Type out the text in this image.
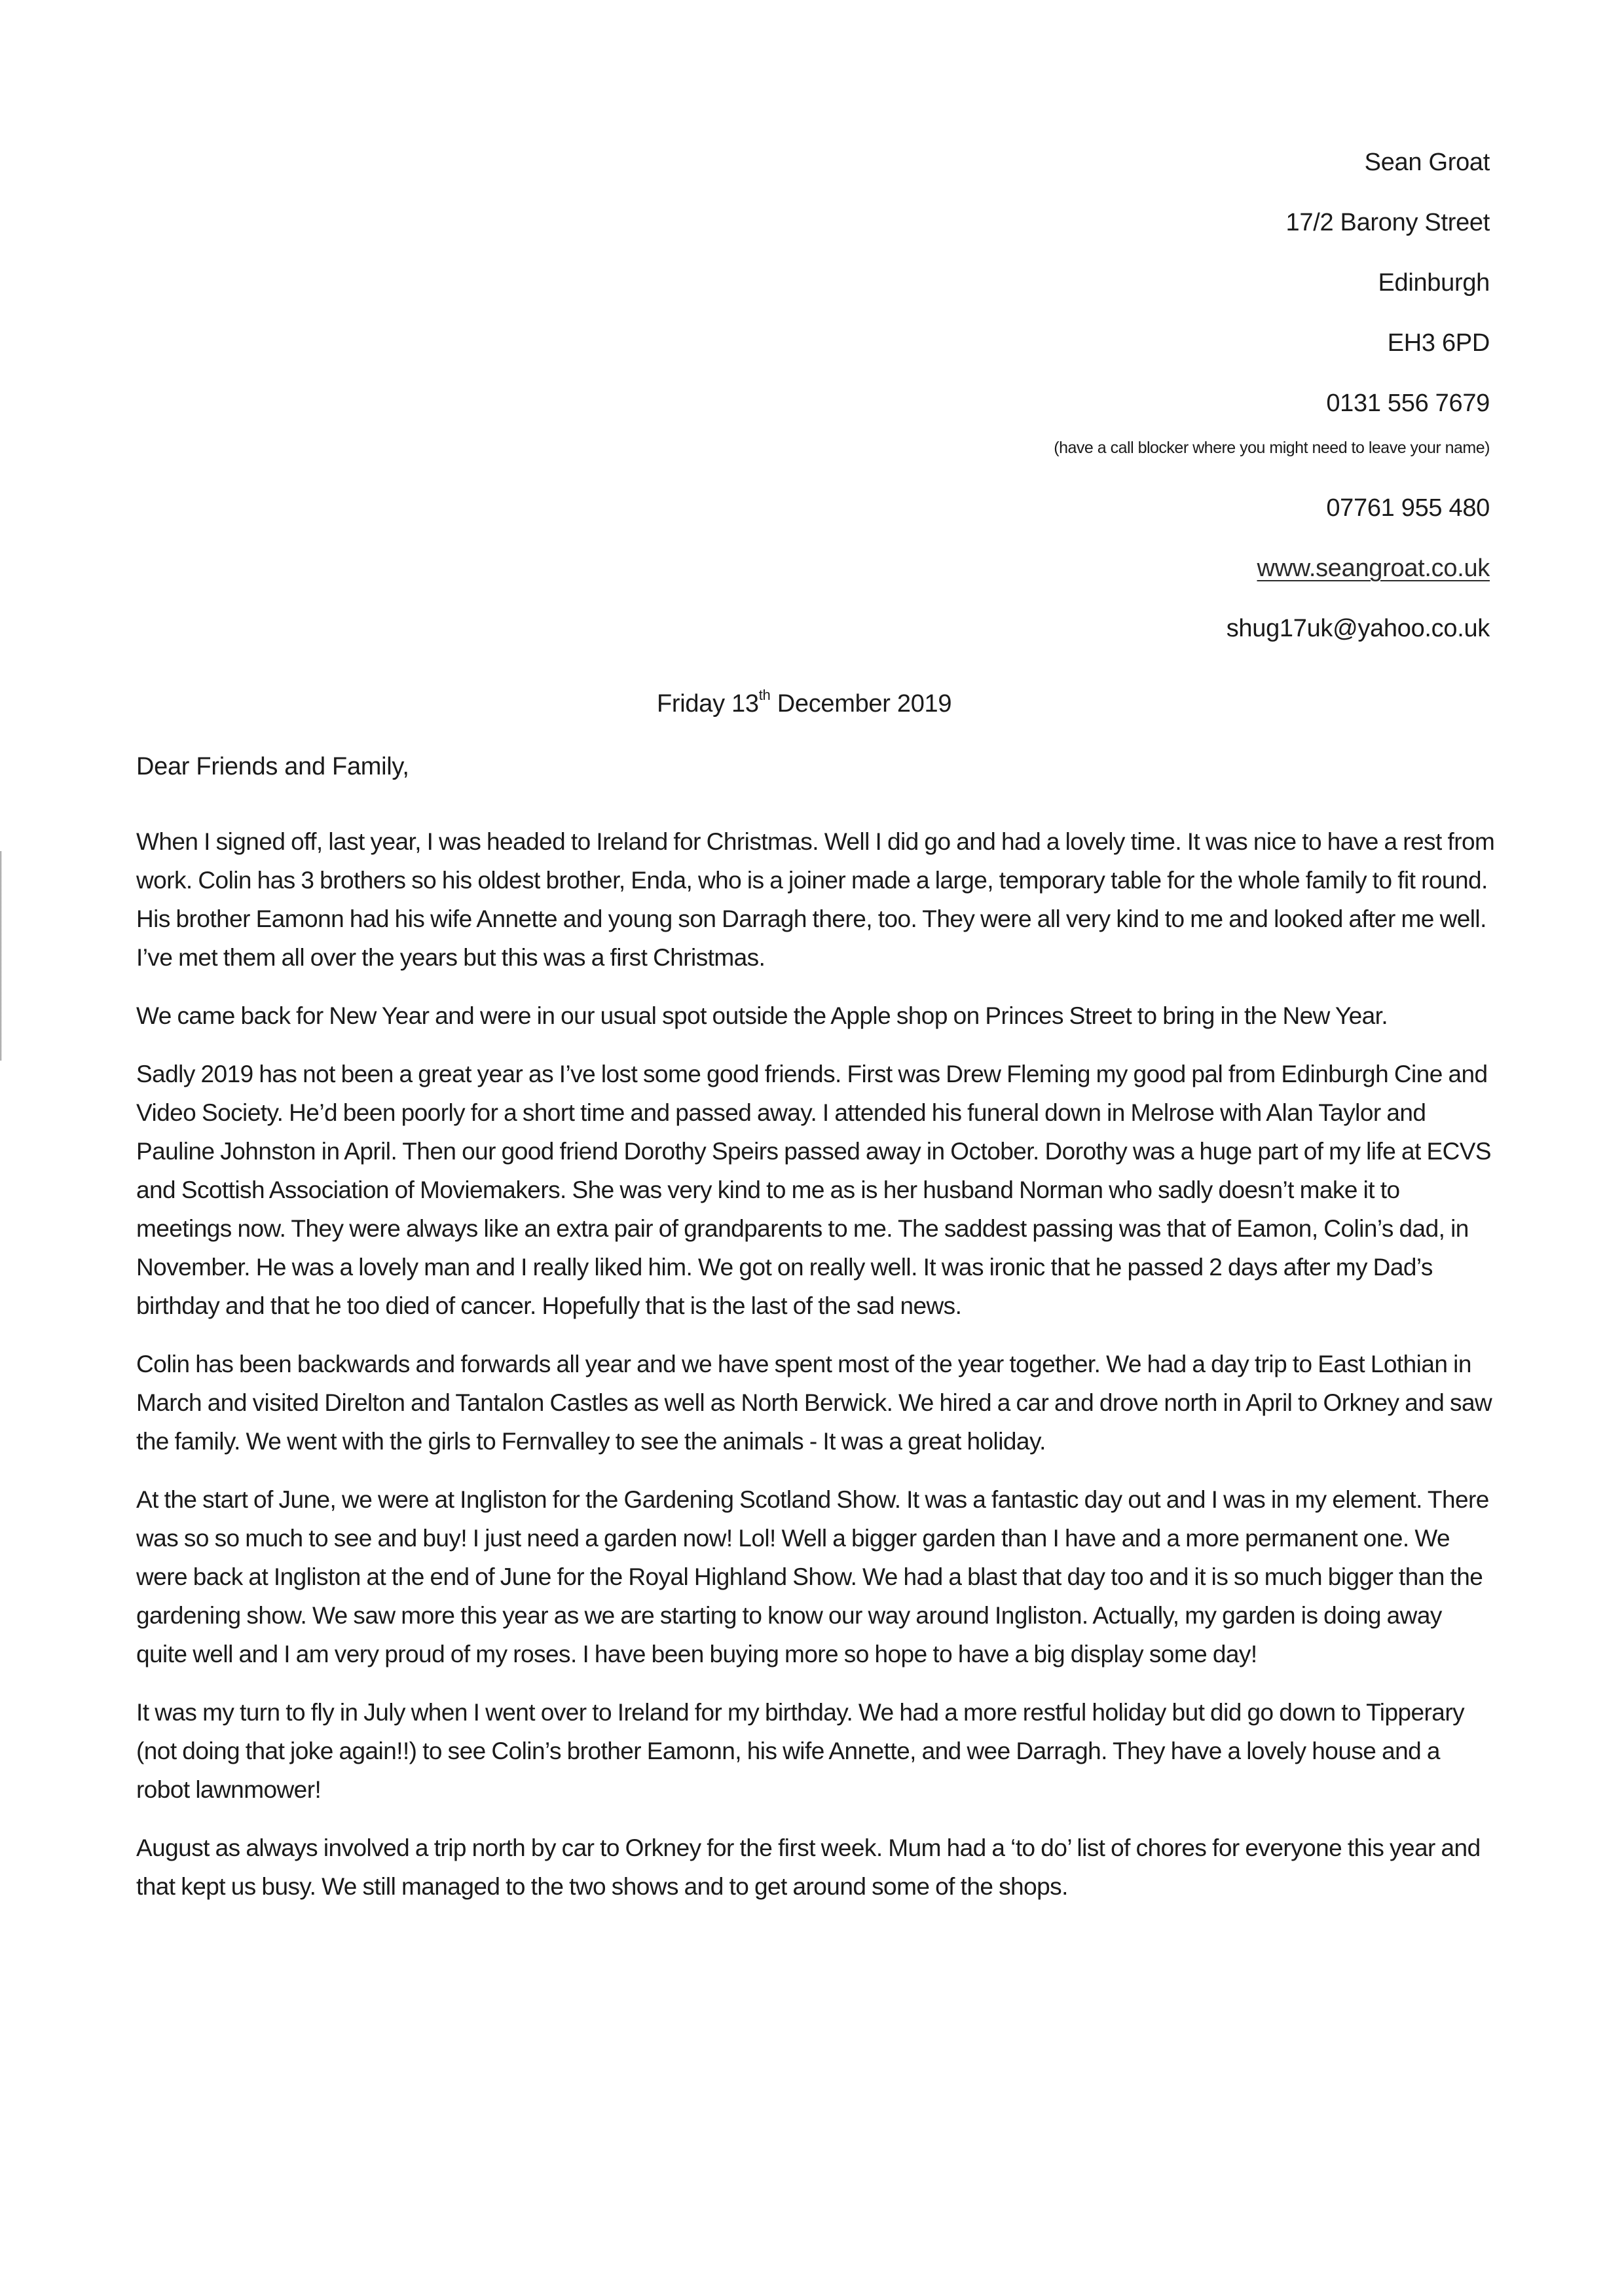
Sean Groat
17/2 Barony Street
Edinburgh
EH3 6PD
0131 556 7679
(have a call blocker where you might need to leave your name)
07761 955 480
www.seangroat.co.uk
shug17uk@yahoo.co.uk
Friday 13th December 2019
Dear Friends and Family,

When I signed off, last year, I was headed to Ireland for Christmas. Well I did go and had a lovely time. It was nice to have a rest from work. Colin has 3 brothers so his oldest brother, Enda, who is a joiner made a large, temporary table for the whole family to fit round. His brother Eamonn had his wife Annette and young son Darragh there, too. They were all very kind to me and looked after me well. I’ve met them all over the years but this was a first Christmas.

We came back for New Year and were in our usual spot outside the Apple shop on Princes Street to bring in the New Year.

Sadly 2019 has not been a great year as I’ve lost some good friends. First was Drew Fleming my good pal from Edinburgh Cine and Video Society. He’d been poorly for a short time and passed away. I attended his funeral down in Melrose with Alan Taylor and Pauline Johnston in April. Then our good friend Dorothy Speirs passed away in October. Dorothy was a huge part of my life at ECVS and Scottish Association of Moviemakers. She was very kind to me as is her husband Norman who sadly doesn’t make it to meetings now. They were always like an extra pair of grandparents to me. The saddest passing was that of Eamon, Colin’s dad, in November. He was a lovely man and I really liked him. We got on really well. It was ironic that he passed 2 days after my Dad’s birthday and that he too died of cancer. Hopefully that is the last of the sad news.

Colin has been backwards and forwards all year and we have spent most of the year together. We had a day trip to East Lothian in March and visited Direlton and Tantalon Castles as well as North Berwick. We hired a car and drove north in April to Orkney and saw the family. We went with the girls to Fernvalley to see the animals - It was a great holiday.

At the start of June, we were at Ingliston for the Gardening Scotland Show. It was a fantastic day out and I was in my element. There was so so much to see and buy! I just need a garden now! Lol! Well a bigger garden than I have and a more permanent one. We were back at Ingliston at the end of June for the Royal Highland Show. We had a blast that day too and it is so much bigger than the gardening show. We saw more this year as we are starting to know our way around Ingliston. Actually, my garden is doing away quite well and I am very proud of my roses. I have been buying more so hope to have a big display some day!

It was my turn to fly in July when I went over to Ireland for my birthday. We had a more restful holiday but did go down to Tipperary (not doing that joke again!!) to see Colin’s brother Eamonn, his wife Annette, and wee Darragh. They have a lovely house and a robot lawnmower!

August as always involved a trip north by car to Orkney for the first week. Mum had a ‘to do’ list of chores for everyone this year and that kept us busy. We still managed to the two shows and to get around some of the shops.
